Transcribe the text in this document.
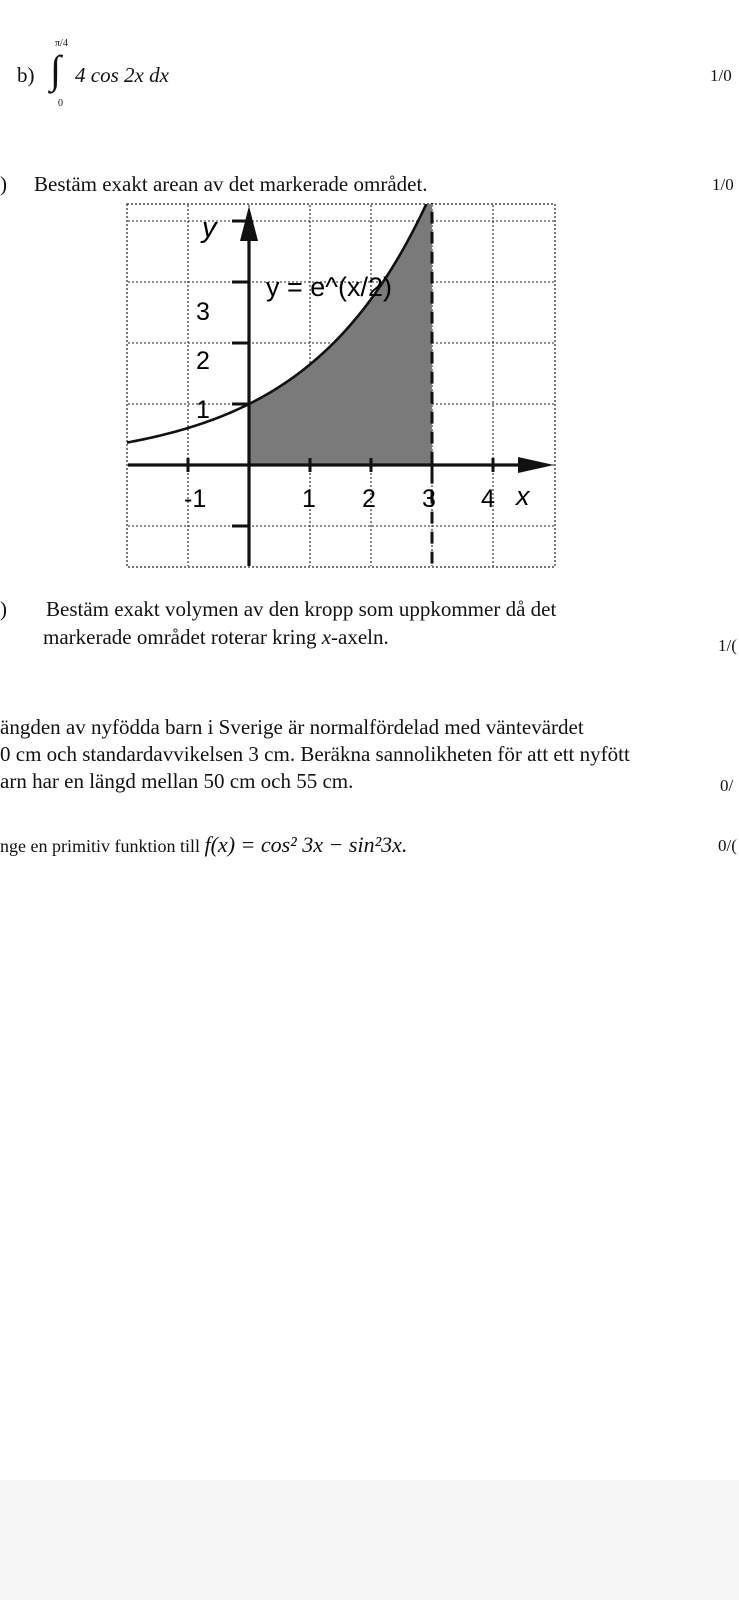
b)
π/4
∫
0
4 cos 2x dx	1/0
) Bestäm exakt arean av det markerade området.	1/0
1
2
3
-1	1 2 3 4 x
y
y = e^(x/2)
) Bestäm exakt volymen av den kropp som uppkommer då det
markerade området roterar kring x-axeln.	1/(
ängden av nyfödda barn i Sverige är normalfördelad med väntevärdet
0 cm och standardavvikelsen 3 cm. Beräkna sannolikheten för att ett nyfött
arn har en längd mellan 50 cm och 55 cm.	0/
nge en primitiv funktion till f(x) = cos² 3x − sin²3x.	0/(
